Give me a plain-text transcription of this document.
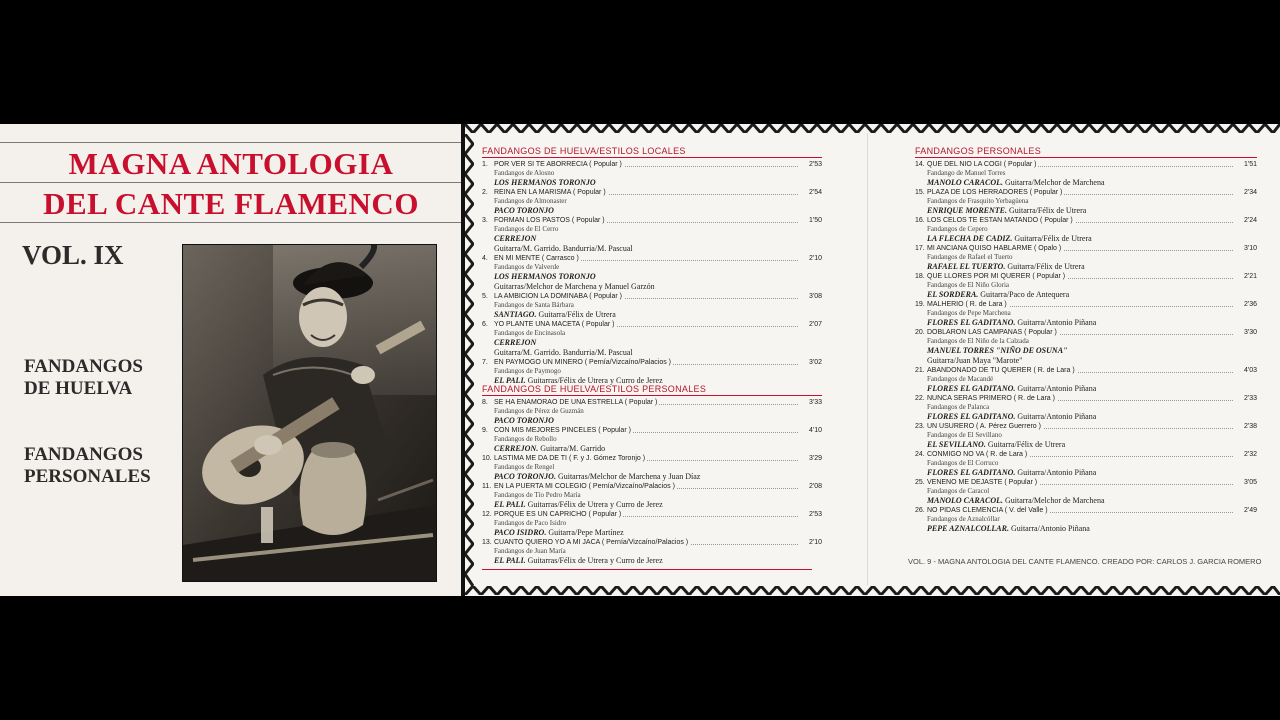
MAGNA ANTOLOGIA
DEL CANTE FLAMENCO
VOL. IX
FANDANGOS
DE HUELVA
FANDANGOS
PERSONALES
FANDANGOS DE HUELVA/ESTILOS LOCALES
1. POR VER SI TE ABORRECIA ( Popular )	2'53
Fandangos de Alosno
LOS HERMANOS TORONJO
2. REINA EN LA MARISMA ( Popular )	2'54
Fandangos de Almonaster
PACO TORONJO
3. FORMAN LOS PASTOS ( Popular )	1'50
Fandangos de El Cerro
CERREJON
Guitarra/M. Garrido. Bandurria/M. Pascual
4. EN MI MENTE ( Carrasco )	2'10
Fandangos de Valverde
LOS HERMANOS TORONJO
Guitarras/Melchor de Marchena y Manuel Garzón
5. LA AMBICION LA DOMINABA ( Popular )	3'08
Fandangos de Santa Bárbara
SANTIAGO. Guitarra/Félix de Utrera
6. YO PLANTE UNA MACETA ( Popular )	2'07
Fandangos de Encinasola
CERREJON
Guitarra/M. Garrido. Bandurria/M. Pascual
7. EN PAYMOGO UN MINERO ( Pernía/Vizcaíno/Palacios )	3'02
Fandangos de Paymogo
EL PALI. Guitarras/Félix de Utrera y Curro de Jerez
FANDANGOS DE HUELVA/ESTILOS PERSONALES
8. SE HA ENAMORAO DE UNA ESTRELLA ( Popular )	3'33
Fandangos de Pérez de Guzmán
PACO TORONJO
9. CON MIS MEJORES PINCELES ( Popular )	4'10
Fandangos de Rebollo
CERREJON. Guitarra/M. Garrido
10. LASTIMA ME DA DE TI ( F. y J. Gómez Toronjo )	3'29
Fandangos de Rengel
PACO TORONJO. Guitarras/Melchor de Marchena y Juan Díaz
11. EN LA PUERTA MI COLEGIO ( Pernía/Vizcaíno/Palacios )	2'08
Fandangos de Tío Pedro María
EL PALI. Guitarras/Félix de Utrera y Curro de Jerez
12. PORQUE ES UN CAPRICHO ( Popular )	2'53
Fandangos de Paco Isidro
PACO ISIDRO. Guitarra/Pepe Martínez
13. CUANTO QUIERO YO A MI JACA ( Pernía/Vizcaíno/Palacios )	2'10
Fandangos de Juan María
EL PALI. Guitarras/Félix de Utrera y Curro de Jerez
FANDANGOS PERSONALES
14. QUE DEL NIO LA COGI ( Popular )	1'51
Fandango de Manuel Torres
MANOLO CARACOL. Guitarra/Melchor de Marchena
15. PLAZA DE LOS HERRADORES ( Popular )	2'34
Fandangos de Frasquito Yerbagüena
ENRIQUE MORENTE. Guitarra/Félix de Utrera
16. LOS CELOS TE ESTAN MATANDO ( Popular )	2'24
Fandangos de Cepero
LA FLECHA DE CADIZ. Guitarra/Félix de Utrera
17. MI ANCIANA QUISO HABLARME ( Opalo )	3'10
Fandangos de Rafael el Tuerto
RAFAEL EL TUERTO. Guitarra/Félix de Utrera
18. QUE LLORES POR MI QUERER ( Popular )	2'21
Fandangos de El Niño Gloria
EL SORDERA. Guitarra/Paco de Antequera
19. MALHERIO ( R. de Lara )	2'36
Fandangos de Pepe Marchena
FLORES EL GADITANO. Guitarra/Antonio Piñana
20. DOBLARON LAS CAMPANAS ( Popular )	3'30
Fandangos de El Niño de la Calzada
MANUEL TORRES "NIÑO DE OSUNA"
Guitarra/Juan Maya "Marote"
21. ABANDONADO DE TU QUERER ( R. de Lara )	4'03
Fandangos de Macandé
FLORES EL GADITANO. Guitarra/Antonio Piñana
22. NUNCA SERAS PRIMERO ( R. de Lara )	2'33
Fandangos de Palanca
FLORES EL GADITANO. Guitarra/Antonio Piñana
23. UN USURERO ( A. Pérez Guerrero )	2'38
Fandangos de El Sevillano
EL SEVILLANO. Guitarra/Félix de Utrera
24. CONMIGO NO VA ( R. de Lara )	2'32
Fandangos de El Corruco
FLORES EL GADITANO. Guitarra/Antonio Piñana
25. VENENO ME DEJASTE ( Popular )	3'05
Fandangos de Caracol
MANOLO CARACOL. Guitarra/Melchor de Marchena
26. NO PIDAS CLEMENCIA ( V. del Valle )	2'49
Fandangos de Aznalcóllar
PEPE AZNALCOLLAR. Guitarra/Antonio Piñana
VOL. 9 - MAGNA ANTOLOGIA DEL CANTE FLAMENCO. CREADO POR: CARLOS J. GARCIA ROMERO
